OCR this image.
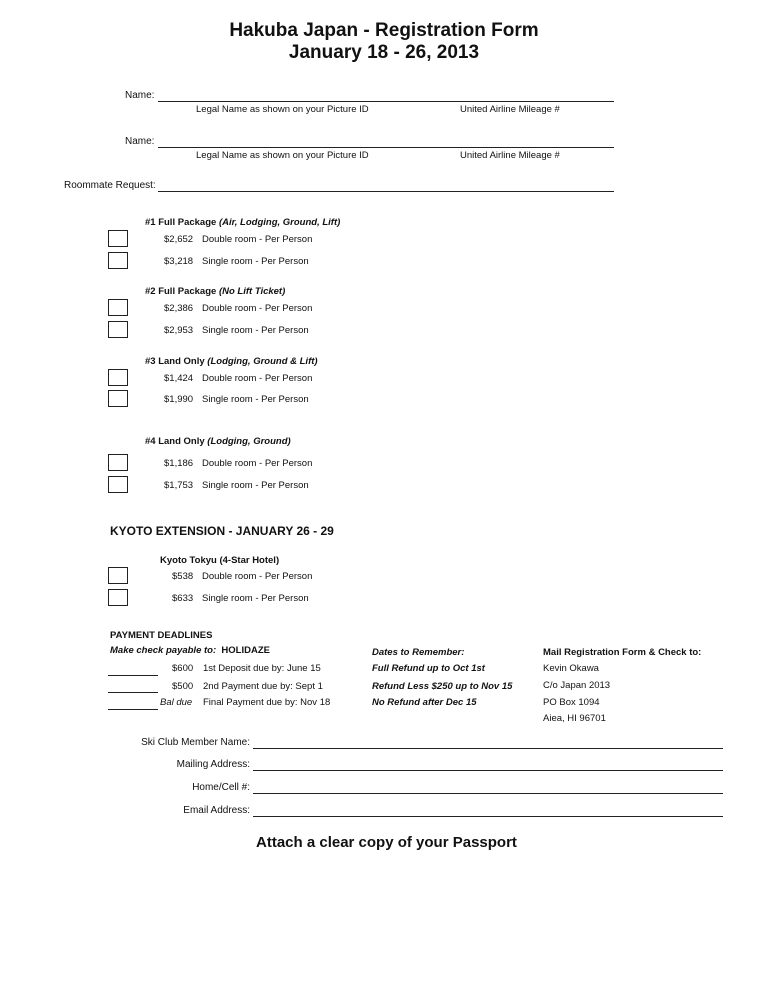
Hakuba Japan - Registration Form
January 18 - 26, 2013
Name:
Legal Name as shown on your Picture ID	United Airline Mileage #
Name:
Legal Name as shown on your Picture ID	United Airline Mileage #
Roommate Request:
#1 Full Package (Air, Lodging, Ground, Lift)
$2,652 Double room - Per Person
$3,218 Single room - Per Person
#2 Full Package (No Lift Ticket)
$2,386 Double room - Per Person
$2,953 Single room - Per Person
#3 Land Only (Lodging, Ground & Lift)
$1,424 Double room - Per Person
$1,990 Single room - Per Person
#4 Land Only (Lodging, Ground)
$1,186 Double room - Per Person
$1,753 Single room - Per Person
KYOTO EXTENSION - JANUARY 26 - 29
Kyoto Tokyu (4-Star Hotel)
$538 Double room - Per Person
$633 Single room - Per Person
PAYMENT DEADLINES
Make check payable to: HOLIDAZE
$600 1st Deposit due by: June 15
$500 2nd Payment due by: Sept 1
Bal due Final Payment due by: Nov 18
Dates to Remember:
Full Refund up to Oct 1st
Refund Less $250 up to Nov 15
No Refund after Dec 15
Mail Registration Form & Check to:
Kevin Okawa
C/o Japan 2013
PO Box 1094
Aiea, HI 96701
Ski Club Member Name:
Mailing Address:
Home/Cell #:
Email Address:
Attach a clear copy of your Passport
